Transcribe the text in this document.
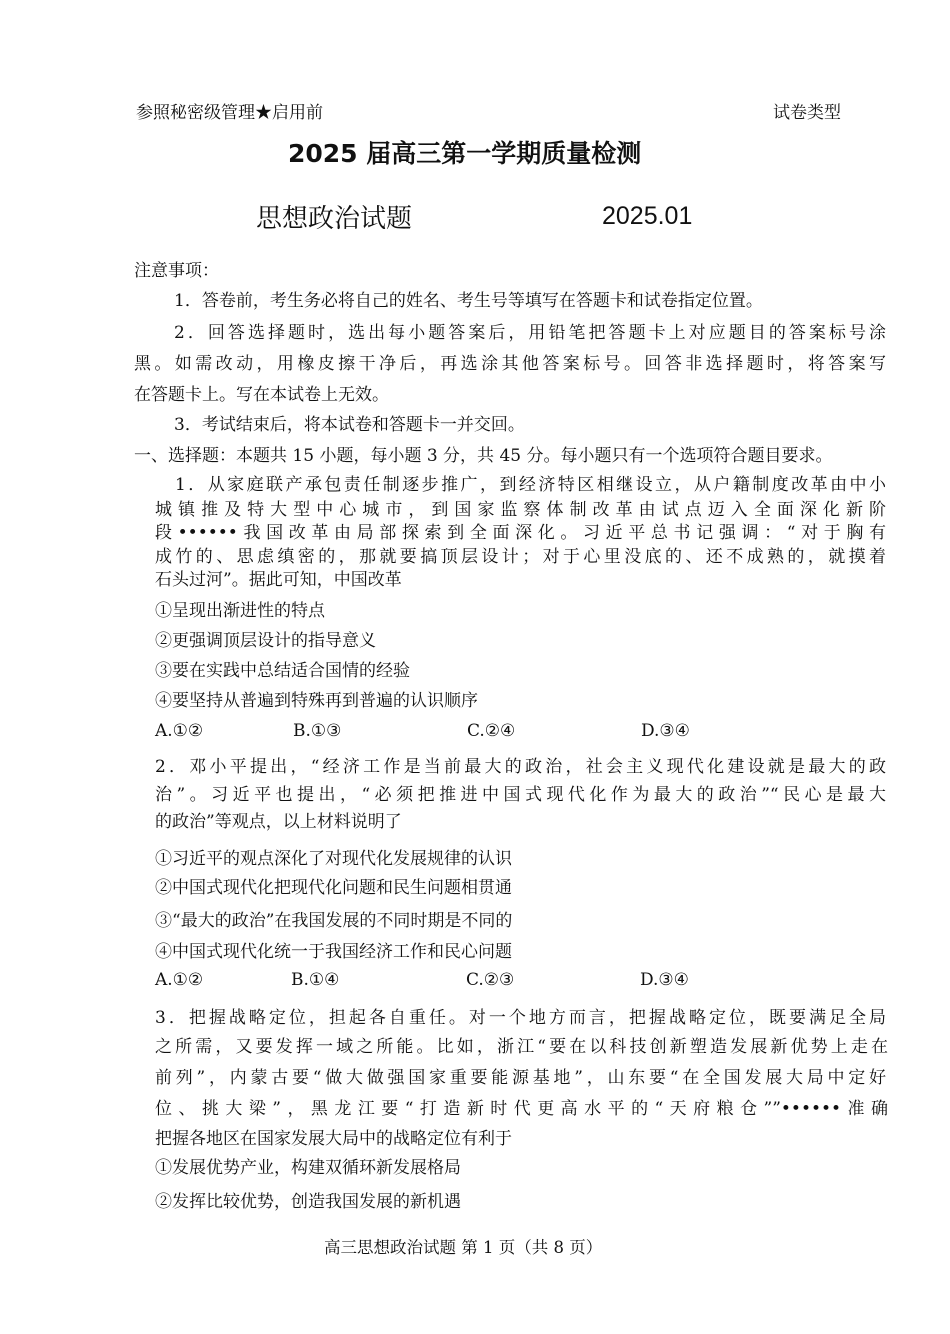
参照秘密级管理★启用前	试卷类型
2025 届高三第一学期质量检测
思想政治试题	2025.01
注意事项：
1．答卷前，考生务必将自己的姓名、考生号等填写在答题卡和试卷指定位置。
2．回答选择题时，选出每小题答案后，用铅笔把答题卡上对应题目的答案标号涂
黑。如需改动，用橡皮擦干净后，再选涂其他答案标号。回答非选择题时，将答案写
在答题卡上。写在本试卷上无效。
3．考试结束后，将本试卷和答题卡一并交回。
一、选择题：本题共 15 小题，每小题 3 分，共 45 分。每小题只有一个选项符合题目要求。
1．从家庭联产承包责任制逐步推广，到经济特区相继设立，从户籍制度改革由中小
城镇推及特大型中心城市，到国家监察体制改革由试点迈入全面深化新阶
段••••••我国改革由局部探索到全面深化。习近平总书记强调：“对于胸有
成竹的、思虑缜密的，那就要搞顶层设计；对于心里没底的、还不成熟的，就摸着
石头过河”。据此可知，中国改革
①呈现出渐进性的特点
②更强调顶层设计的指导意义
③要在实践中总结适合国情的经验
④要坚持从普遍到特殊再到普遍的认识顺序
A.①②	B.①③	C.②④	D.③④
2．邓小平提出，“经济工作是当前最大的政治，社会主义现代化建设就是最大的政
治”。习近平也提出，“必须把推进中国式现代化作为最大的政治”“民心是最大
的政治”等观点，以上材料说明了
①习近平的观点深化了对现代化发展规律的认识
②中国式现代化把现代化问题和民生问题相贯通
③“最大的政治”在我国发展的不同时期是不同的
④中国式现代化统一于我国经济工作和民心问题
A.①②	B.①④	C.②③	D.③④
3．把握战略定位，担起各自重任。对一个地方而言，把握战略定位，既要满足全局
之所需，又要发挥一域之所能。比如，浙江“要在以科技创新塑造发展新优势上走在
前列”，内蒙古要“做大做强国家重要能源基地”，山东要“在全国发展大局中定好
位、挑大梁”，黑龙江要“打造新时代更高水平的“天府粮仓””••••••准确
把握各地区在国家发展大局中的战略定位有利于
①发展优势产业，构建双循环新发展格局
②发挥比较优势，创造我国发展的新机遇
高三思想政治试题 第 1 页（共 8 页）
